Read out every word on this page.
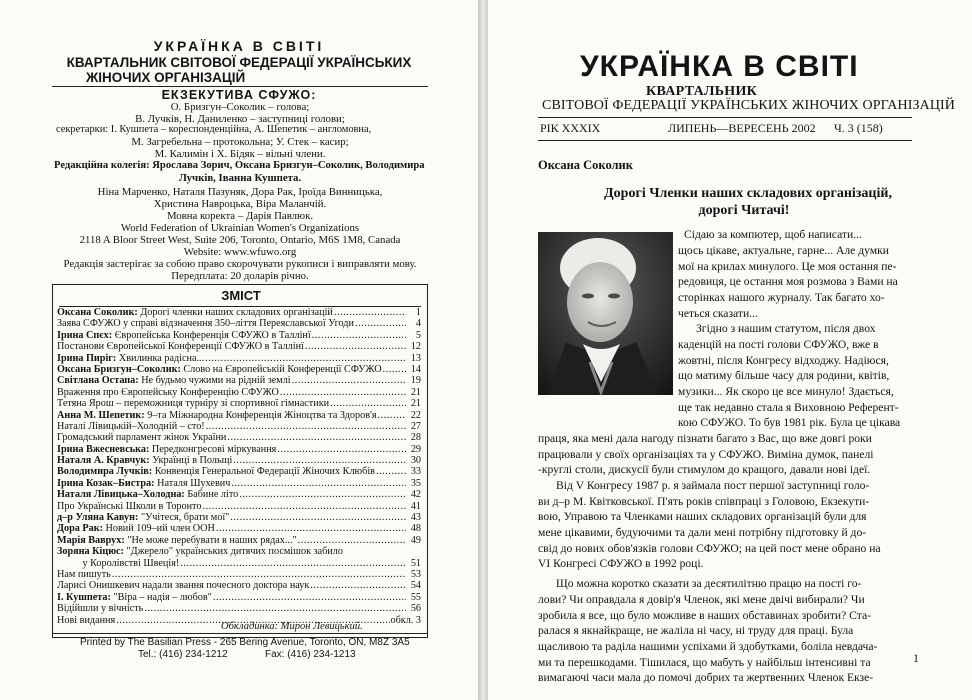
УКРАЇНКА В СВІТІ
КВАРТАЛЬНИК СВІТОВОЇ ФЕДЕРАЦІЇ УКРАЇНСЬКИХ
ЖІНОЧИХ ОРГАНІЗАЦІЙ
ЕКЗЕКУТИВА СФУЖО:
О. Бризгун–Соколик – голова;
В. Лучків, Н. Даниленко – заступниці голови;
секретарки: І. Кушпета – кореспонденційна, А. Шепетик – англомовна,
М. Загребельна – протокольна; У. Стек – касир;
М. Калимін і Х. Бідяк – вільні члени.
Редакційна колегія: Ярослава Зорич, Оксана Бризгун–Соколик, Володимира
Лучків, Іванна Кушпета.
Ніна Марченко, Наталя Пазуняк, Дора Рак, Іроїда Винницька,
Христина Навроцька, Віра Маланчій.
Мовна коректа – Дарія Павлюк.
World Federation of Ukrainian Women's Organizations
2118 A Bloor Street West, Suite 206, Toronto, Ontario, M6S 1M8, Canada
Website: www.wfuwo.org
Редакція застерігає за собою право скорочувати рукописи і виправляти мову.
Передплата: 20 доларів річно.
ЗМІСТ
Оксана Соколик: Дорогі членки наших складових організацій . . .	1
Заява СФУЖО у справі відзначення 350–ліття Переяславської Угоди . . .	4
Ірина Спєх: Європейська Конференція СФУЖО в Таллінї . . .	5
Постанови Європейської Конференції СФУЖО в Таллінї . . .	12
Ірина Пиріг: Хвилинка радісна... . . .	13
Оксана Бризгун–Соколик: Слово на Європейській Конференції СФУЖО . . .	14
Світлана Остапа: Не будьмо чужими на рідній землі . . .	19
Враження про Європейську Конференцію СФУЖО . . .	21
Тетяна Ярош – переможниця турніру зі спортивної гімнастики . . .	21
Анна М. Шепетик: 9–та Міжнародна Конференція Жіноцтва та Здоров'я . . .	22
Наталі Лівицькій–Холодній – сто! . . .	27
Громадський парламент жінок України . . .	28
Ірина Вжесневська: Передконгресові міркування . . .	29
Наталя А. Кравчук: Українці в Польщі . . .	30
Володимира Лучків: Конвенція Генеральної Федерації Жіночих Клюбів . . .	33
Ірина Козак–Бистра: Наталя Шухевич . . .	35
Наталя Лівицька–Холодна: Бабине літо . . .	42
Про Українські Школи в Торонто . . .	41
д–р Уляна Кавун: "Учітеся, брати мої" . . .	43
Дора Рак: Новий 109–ий член ООН . . .	48
Марія Ваврух: "Не може перебувати в наших рядах..." . . .	49
Зоряна Кіцюс: "Джерело" українських дитячих посмішок забило
у Королівстві Швеція! . . .	51
Нам пишуть . . .	53
Ларисі Онишкевич надали звання почесного доктора наук . . .	54
І. Кушпета: "Віра – надія – любов" . . .	55
Відійшли у вічність . . .	56
Нові видання . . .	обкл. 3
Обкладинка: Мирон Левицький.
Printed by The Basilian Press - 265 Bering Avenue, Toronto, ON, M8Z 3A5
Tel.: (416) 234-1212	Fax: (416) 234-1213
УКРАЇНКА В СВІТІ
КВАРТАЛЬНИК
СВІТОВОЇ ФЕДЕРАЦІЇ УКРАЇНСЬКИХ ЖІНОЧИХ ОРГАНІЗАЦІЙ
РІК XXXIX	ЛИПЕНЬ—ВЕРЕСЕНЬ 2002 Ч. 3 (158)
Оксана Соколик
Дорогі Членки наших складових організацій,
дорогі Читачі!
Сідаю за компютер, щоб написати...
щось цікаве, актуальне, гарне... Але думки
мої на крилах минулого. Це моя остання пе-
редовиця, це остання моя розмова з Вами на
сторінках нашого журналу. Так багато хо-
четься сказати...
Згідно з нашим статутом, після двох
каденцій на пості голови СФУЖО, вже в
жовтні, після Конгресу відходжу. Надіюся,
що матиму більше часу для родини, квітів,
музики... Як скоро це все минуло! Здається,
ще так недавно стала я Виховною Референт-
кою СФУЖО. То був 1981 рік. Була це цікава
праця, яка мені дала нагоду пізнати багато з Вас, що вже довгі роки
працювали у своїх організаціях та у СФУЖО. Виміна думок, панелі
-круглі столи, дискусії були стимулом до кращого, давали нові ідеї.
Від V Конгресу 1987 р. я займала пост першої заступниці голо-
ви д–р М. Квітковської. П'ять років співпраці з Головою, Екзекути-
вою, Управою та Членками наших складових організацій були для
мене цікавими, будуючими та дали мені потрібну підготовку й до-
свід до нових обов'язків голови СФУЖО; на цей пост мене обрано на
VI Конгресі СФУЖО в 1992 році.
Що можна коротко сказати за десятилітню працю на пості го-
лови? Чи оправдала я довір'я Членок, які мене двічі вибирали? Чи
зробила я все, що було можливе в наших обставинах зробити? Ста-
ралася я якнайкраще, не жаліла ні часу, ні труду для праці. Була
щасливою та раділа нашими успіхами й здобутками, боліла невдача-
ми та перешкодами. Тішилася, що мабуть у найбільш інтенсивні та
вимагаючі часи мала до помочі добрих та жертвенних Членок Екзе-
1
